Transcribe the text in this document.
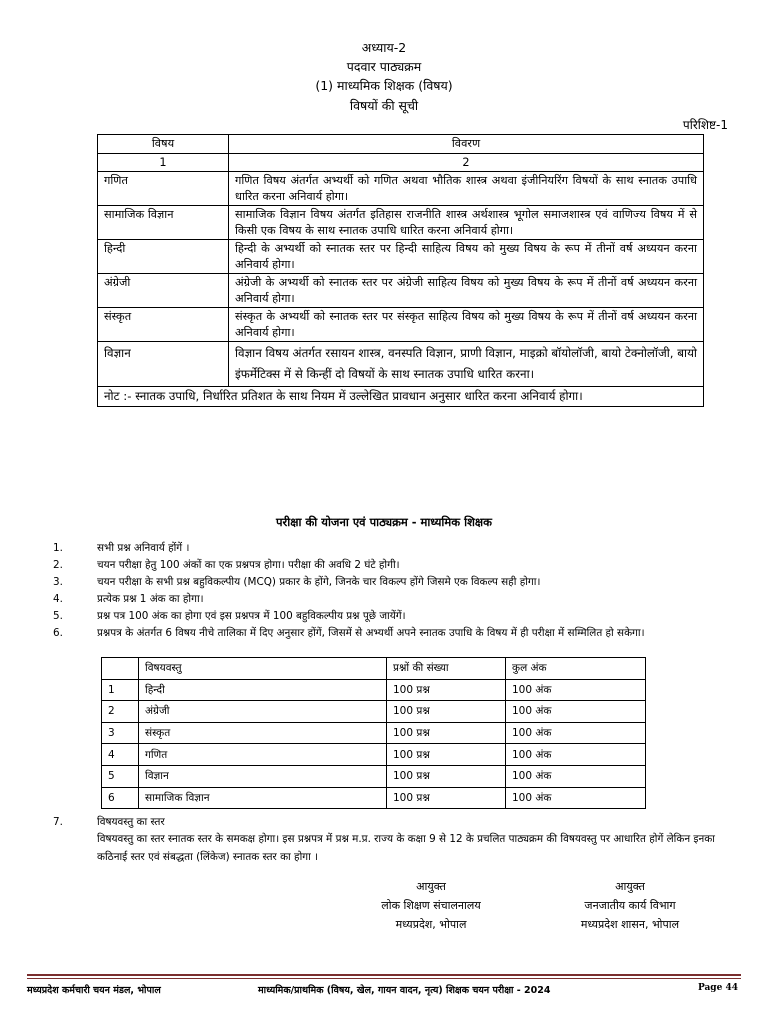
अध्याय-2
पदवार पाठ्यक्रम
(1) माध्यमिक शिक्षक (विषय)
विषयों की सूची
परिशिष्ट-1
विषय	विवरण
1	2
गणित	गणित विषय अंतर्गत अभ्यर्थी को गणित अथवा भौतिक शास्त्र अथवा इंजीनियरिंग विषयों के साथ स्नातक उपाधि धारित करना अनिवार्य होगा।
सामाजिक विज्ञान	सामाजिक विज्ञान विषय अंतर्गत इतिहास राजनीति शास्त्र अर्थशास्त्र भूगोल समाजशास्त्र एवं वाणिज्य विषय में से किसी एक विषय के साथ स्नातक उपाधि धारित करना अनिवार्य होगा।
हिन्दी	हिन्दी के अभ्यर्थी को स्नातक स्तर पर हिन्दी साहित्य विषय को मुख्य विषय के रूप में तीनों वर्ष अध्ययन करना अनिवार्य होगा।
अंग्रेजी	अंग्रेजी के अभ्यर्थी को स्नातक स्तर पर अंग्रेजी साहित्य विषय को मुख्य विषय के रूप में तीनों वर्ष अध्ययन करना अनिवार्य होगा।
संस्कृत	संस्कृत के अभ्यर्थी को स्नातक स्तर पर संस्कृत साहित्य विषय को मुख्य विषय के रूप में तीनों वर्ष अध्ययन करना अनिवार्य होगा।
विज्ञान	विज्ञान विषय अंतर्गत रसायन शास्त्र, वनस्पति विज्ञान, प्राणी विज्ञान, माइक्रो बॉयोलॉजी, बायो टेक्नोलॉजी, बायो इंफर्मेटिक्स में से किन्हीं दो विषयों के साथ स्नातक उपाधि धारित करना।
नोट :- स्नातक उपाधि, निर्धारित प्रतिशत के साथ नियम में उल्लेखित प्रावधान अनुसार धारित करना अनिवार्य होगा।	
परीक्षा की योजना एवं पाठ्यक्रम - माध्यमिक शिक्षक
1.	सभी प्रश्न अनिवार्य होंगें ।
2.	चयन परीक्षा हेतु 100 अंकों का एक प्रश्नपत्र होगा। परीक्षा की अवधि 2 घंटे होगी।
3.	चयन परीक्षा के सभी प्रश्न बहुविकल्पीय (MCQ) प्रकार के होंगे, जिनके चार विकल्प होंगे जिसमे एक विकल्प सही होगा।
4.	प्रत्येक प्रश्न 1 अंक का होगा।
5.	प्रश्न पत्र 100 अंक का होगा एवं इस प्रश्नपत्र में 100 बहुविकल्पीय प्रश्न पूछे जायेंगें।
6.	प्रश्नपत्र के अंतर्गत 6 विषय नीचे तालिका में दिए अनुसार होंगें, जिसमें से अभ्यर्थी अपने स्नातक उपाधि के विषय में ही परीक्षा में सम्मिलित हो सकेगा।
	विषयवस्तु	प्रश्नों की संख्या	कुल अंक
1	हिन्दी	100 प्रश्न	100 अंक
2	अंग्रेजी	100 प्रश्न	100 अंक
3	संस्कृत	100 प्रश्न	100 अंक
4	गणित	100 प्रश्न	100 अंक
5	विज्ञान	100 प्रश्न	100 अंक
6	सामाजिक विज्ञान	100 प्रश्न	100 अंक
7.	विषयवस्तु का स्तर
विषयवस्तु का स्तर स्नातक स्तर के समकक्ष होगा। इस प्रश्नपत्र में प्रश्न म.प्र. राज्य के कक्षा 9 से 12 के प्रचलित पाठ्यक्रम की विषयवस्तु पर आधारित होगें लेकिन इनका कठिनाई स्तर एवं संबद्धता (लिंकेज) स्नातक स्तर का होगा ।
आयुक्त
लोक शिक्षण संचालनालय
मध्यप्रदेश, भोपाल
आयुक्त
जनजातीय कार्य विभाग
मध्यप्रदेश शासन, भोपाल
मध्यप्रदेश कर्मचारी चयन मंडल, भोपाल	माध्यमिक/प्राथमिक (विषय, खेल, गायन वादन, नृत्य) शिक्षक चयन परीक्षा - 2024	Page 44
